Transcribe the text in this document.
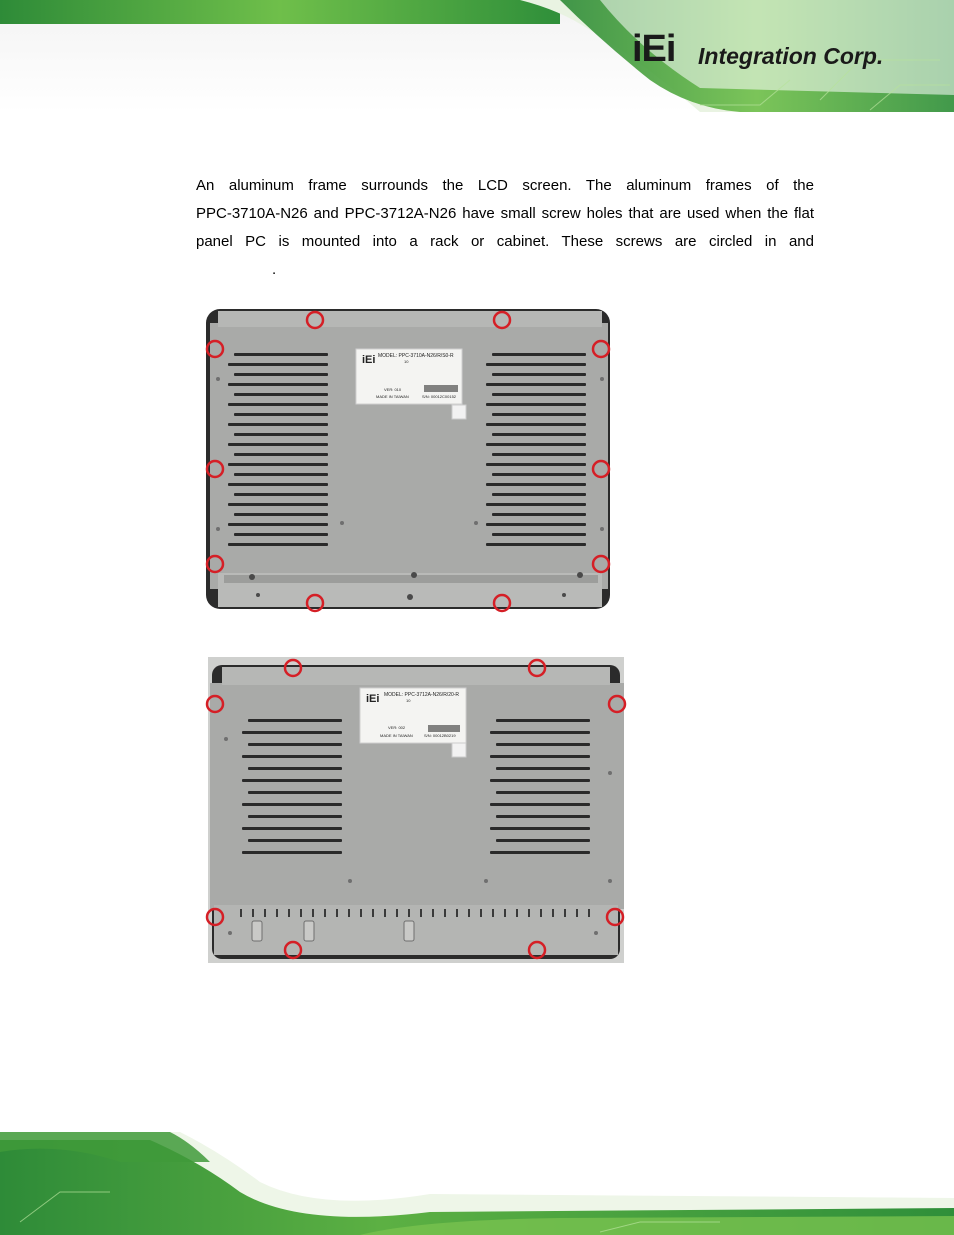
iEi Integration Corp.
An aluminum frame surrounds the LCD screen. The aluminum frames of the
PPC-3710A-N26 and PPC-3712A-N26 have small screw holes that are used when the flat
panel PC is mounted into a rack or cabinet. These screws are circled in and
.
iEi MODEL: PPC-3710A-N26/R/S0-R
10
VER: 010
MADE IN TAIWAN	S/N: 00012C00152
iEi MODEL: PPC-3712A-N26/R/20-R
10
VER: 002
MADE IN TAIWAN	S/N: 00012B0219
